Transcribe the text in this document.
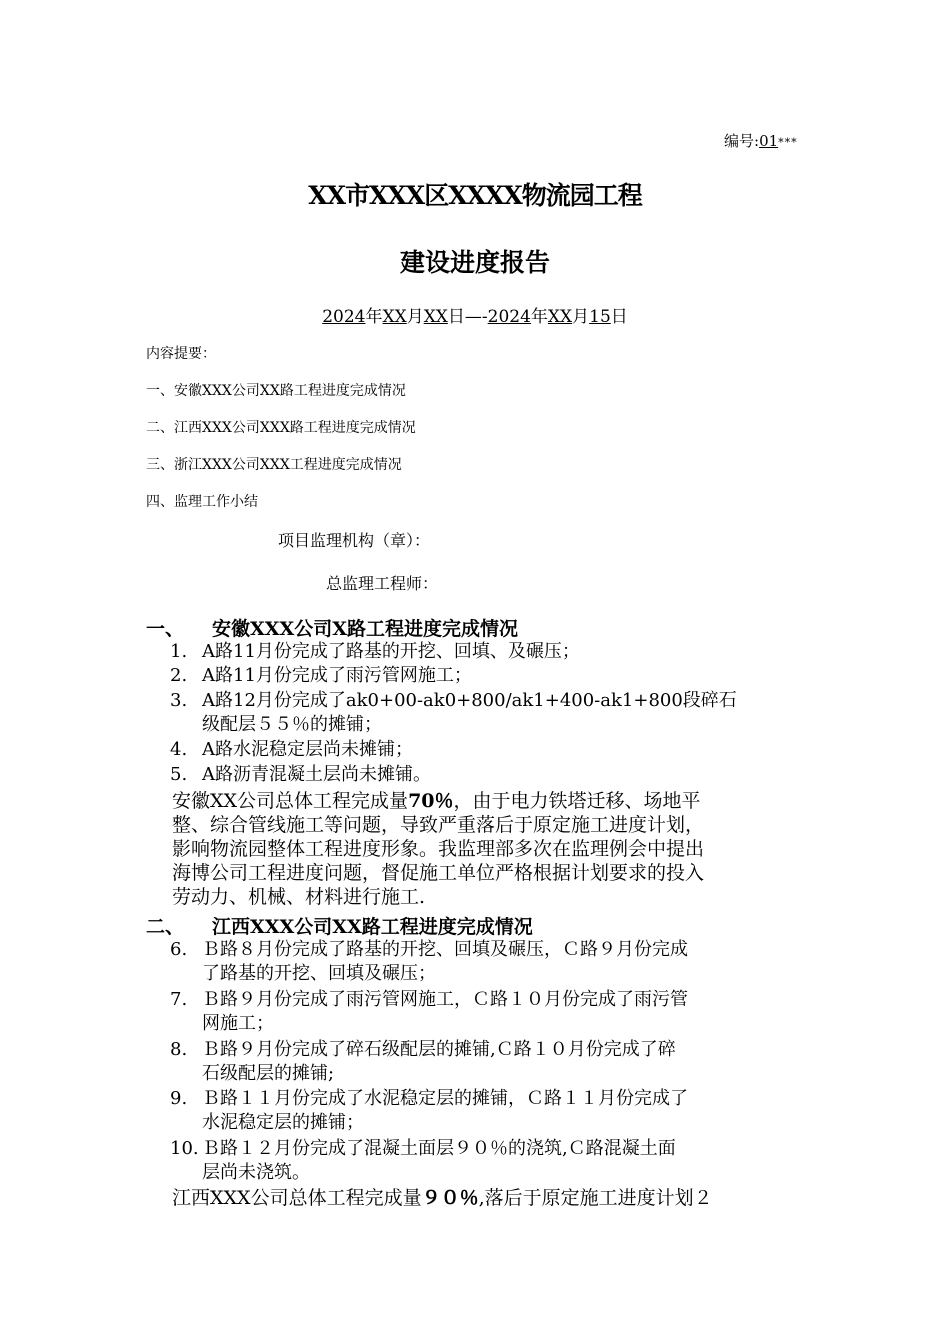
编号:01***
XX市XXX区XXXX物流园工程
建设进度报告
2024年XX月XX日—-2024年XX月15日
内容提要：
一、安徽XXX公司XX路工程进度完成情况
二、江西XXX公司XXX路工程进度完成情况
三、浙江XXX公司XXX工程进度完成情况
四、监理工作小结
项目监理机构（章）：
总监理工程师：
一、 安徽XXX公司X路工程进度完成情况
1. A路11月份完成了路基的开挖、回填、及碾压；
2. A路11月份完成了雨污管网施工；
3. A路12月份完成了ak0+00-ak0+800/ak1+400-ak1+800段碎石
级配层５５％的摊铺；
4. A路水泥稳定层尚未摊铺；
5. A路沥青混凝土层尚未摊铺。
安徽XX公司总体工程完成量70％，由于电力铁塔迁移、场地平
整、综合管线施工等问题，导致严重落后于原定施工进度计划，
影响物流园整体工程进度形象。我监理部多次在监理例会中提出
海博公司工程进度问题，督促施工单位严格根据计划要求的投入
劳动力、机械、材料进行施工.
二、 江西XXX公司XX路工程进度完成情况
6. Ｂ路８月份完成了路基的开挖、回填及碾压，Ｃ路９月份完成
了路基的开挖、回填及碾压；
7. Ｂ路９月份完成了雨污管网施工，Ｃ路１０月份完成了雨污管
网施工；
8. Ｂ路９月份完成了碎石级配层的摊铺,Ｃ路１０月份完成了碎
石级配层的摊铺;
9. Ｂ路１１月份完成了水泥稳定层的摊铺，Ｃ路１１月份完成了
水泥稳定层的摊铺；
10. Ｂ路１２月份完成了混凝土面层９０％的浇筑,Ｃ路混凝土面
层尚未浇筑。
江西XXX公司总体工程完成量９０％,落后于原定施工进度计划２
